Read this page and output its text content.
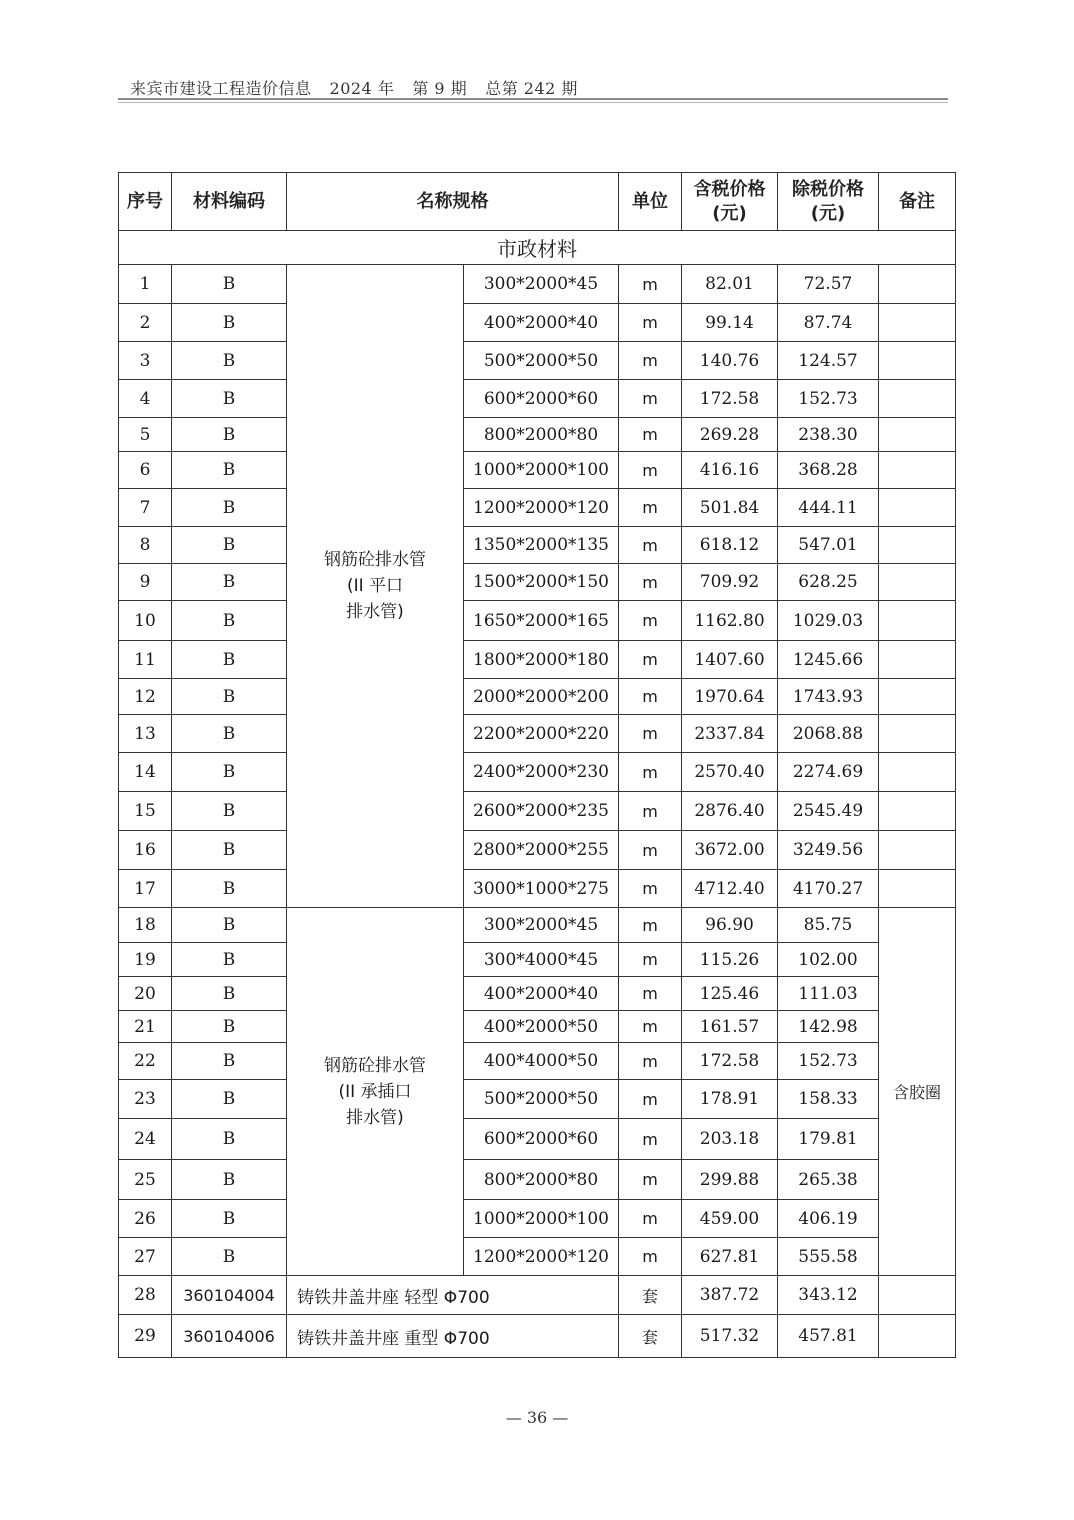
来宾市建设工程造价信息 2024 年 第 9 期 总第 242 期
序号	材料编码	名称规格		单位	含税价格
(元)	除税价格
(元)	备注
市政材料							
1	B	钢筋砼排水管
(II 平口
排水管)	300*2000*45	m	82.01	72.57	
2	B		400*2000*40	m	99.14	87.74	
3	B		500*2000*50	m	140.76	124.57	
4	B		600*2000*60	m	172.58	152.73	
5	B		800*2000*80	m	269.28	238.30	
6	B		1000*2000*100	m	416.16	368.28	
7	B		1200*2000*120	m	501.84	444.11	
8	B		1350*2000*135	m	618.12	547.01	
9	B		1500*2000*150	m	709.92	628.25	
10	B		1650*2000*165	m	1162.80	1029.03	
11	B		1800*2000*180	m	1407.60	1245.66	
12	B		2000*2000*200	m	1970.64	1743.93	
13	B		2200*2000*220	m	2337.84	2068.88	
14	B		2400*2000*230	m	2570.40	2274.69	
15	B		2600*2000*235	m	2876.40	2545.49	
16	B		2800*2000*255	m	3672.00	3249.56	
17	B		3000*1000*275	m	4712.40	4170.27	
18	B	钢筋砼排水管
(II 承插口
排水管)	300*2000*45	m	96.90	85.75	含胶圈
19	B		300*4000*45	m	115.26	102.00	
20	B		400*2000*40	m	125.46	111.03	
21	B		400*2000*50	m	161.57	142.98	
22	B		400*4000*50	m	172.58	152.73	
23	B		500*2000*50	m	178.91	158.33	
24	B		600*2000*60	m	203.18	179.81	
25	B		800*2000*80	m	299.88	265.38	
26	B		1000*2000*100	m	459.00	406.19	
27	B		1200*2000*120	m	627.81	555.58	
28	360104004	铸铁井盖井座 轻型 Φ700		套	387.72	343.12	
29	360104006	铸铁井盖井座 重型 Φ700		套	517.32	457.81	
— 36 —
